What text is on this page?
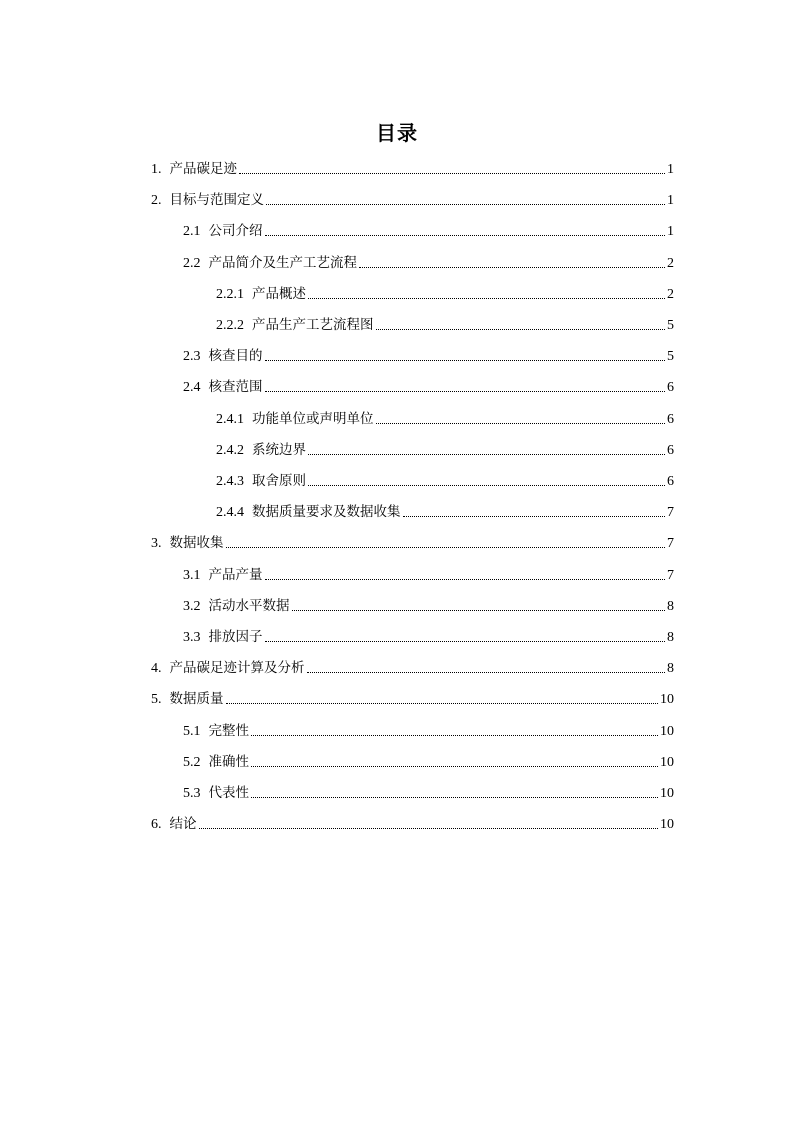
目录
1. 产品碳足迹	1
2. 目标与范围定义	1
2.1 公司介绍	1
2.2 产品简介及生产工艺流程	2
2.2.1 产品概述	2
2.2.2 产品生产工艺流程图	5
2.3 核查目的	5
2.4 核查范围	6
2.4.1 功能单位或声明单位	6
2.4.2 系统边界	6
2.4.3 取舍原则	6
2.4.4 数据质量要求及数据收集	7
3. 数据收集	7
3.1 产品产量	7
3.2 活动水平数据	8
3.3 排放因子	8
4. 产品碳足迹计算及分析	8
5. 数据质量	10
5.1 完整性	10
5.2 准确性	10
5.3 代表性	10
6. 结论	10
